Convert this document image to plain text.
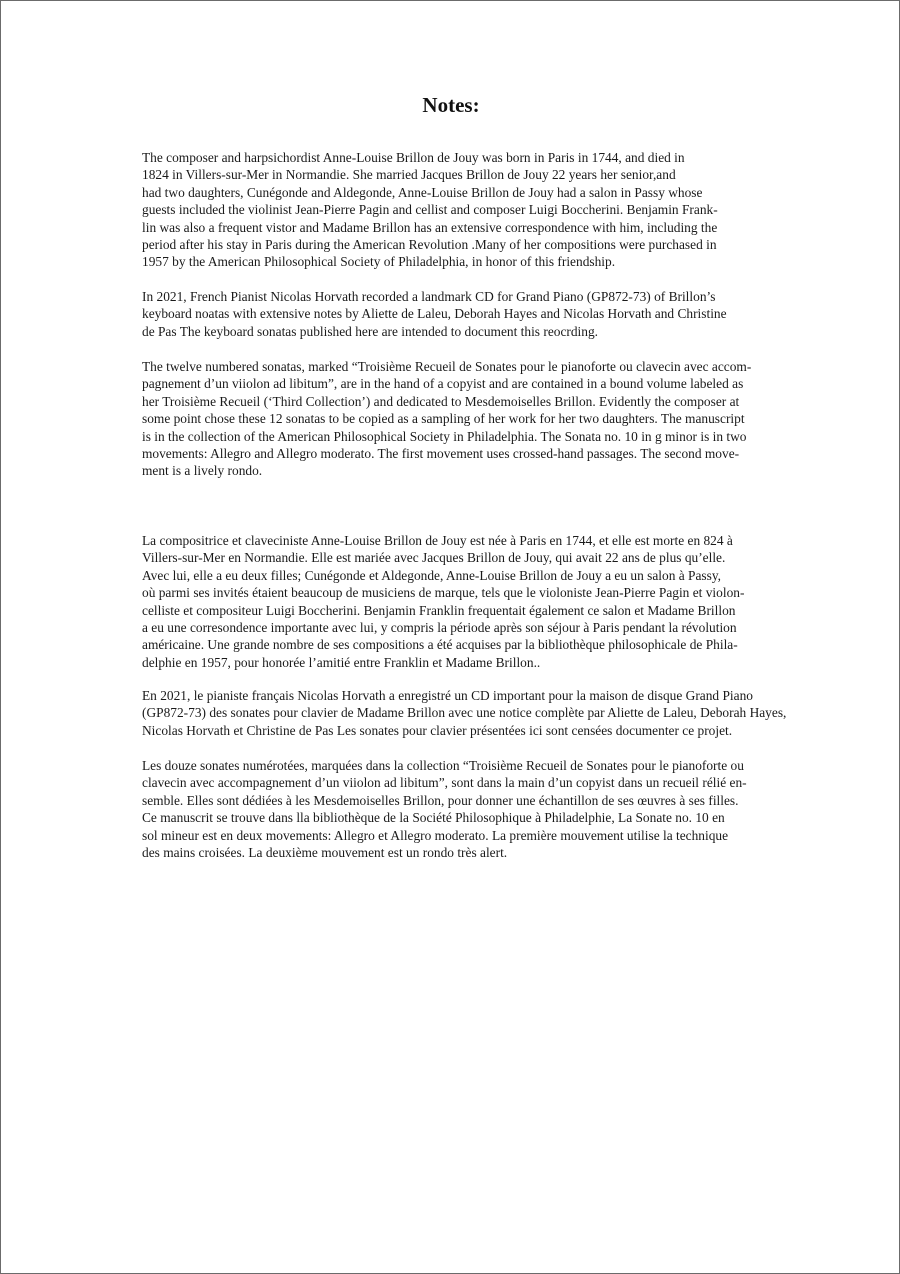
Notes:

The composer and harpsichordist Anne-Louise Brillon de Jouy was born in Paris in 1744, and died in
1824 in Villers-sur-Mer in Normandie. She married Jacques Brillon de Jouy 22 years her senior,and
had two daughters, Cunégonde and Aldegonde, Anne-Louise Brillon de Jouy had a salon in Passy whose
guests included the violinist Jean-Pierre Pagin and cellist and composer Luigi Boccherini. Benjamin Frank-
lin was also a frequent vistor and Madame Brillon has an extensive correspondence with him, including the
period after his stay in Paris during the American Revolution .Many of her compositions were purchased in
1957 by the American Philosophical Society of Philadelphia, in honor of this friendship.

In 2021, French Pianist Nicolas Horvath recorded a landmark CD for Grand Piano (GP872-73) of Brillon’s
keyboard noatas with extensive notes by Aliette de Laleu, Deborah Hayes and Nicolas Horvath and Christine
de Pas The keyboard sonatas published here are intended to document this reocrding.

The twelve numbered sonatas, marked “Troisième Recueil de Sonates pour le pianoforte ou clavecin avec accom-
pagnement d’un viiolon ad libitum”, are in the hand of a copyist and are contained in a bound volume labeled as
her Troisième Recueil (‘Third Collection’) and dedicated to Mesdemoiselles Brillon. Evidently the composer at
some point chose these 12 sonatas to be copied as a sampling of her work for her two daughters. The manuscript
is in the collection of the American Philosophical Society in Philadelphia. The Sonata no. 10 in g minor is in two
movements: Allegro and Allegro moderato. The first movement uses crossed-hand passages. The second move-
ment is a lively rondo.

La compositrice et claveciniste Anne-Louise Brillon de Jouy est née à Paris en 1744, et elle est morte en 824 à
Villers-sur-Mer en Normandie. Elle est mariée avec Jacques Brillon de Jouy, qui avait 22 ans de plus qu’elle.
Avec lui, elle a eu deux filles; Cunégonde et Aldegonde, Anne-Louise Brillon de Jouy a eu un salon à Passy,
où parmi ses invités étaient beaucoup de musiciens de marque, tels que le violoniste Jean-Pierre Pagin et violon-
celliste et compositeur Luigi Boccherini. Benjamin Franklin frequentait également ce salon et Madame Brillon
a eu une corresondence importante avec lui, y compris la période après son séjour à Paris pendant la révolution
américaine. Une grande nombre de ses compositions a été acquises par la bibliothèque philosophicale de Phila-
delphie en 1957, pour honorée l’amitié entre Franklin et Madame Brillon..

En 2021, le pianiste français Nicolas Horvath a enregistré un CD important pour la maison de disque Grand Piano
(GP872-73) des sonates pour clavier de Madame Brillon avec une notice complète par Aliette de Laleu, Deborah Hayes,
Nicolas Horvath et Christine de Pas Les sonates pour clavier présentées ici sont censées documenter ce projet.

Les douze sonates numérotées, marquées dans la collection “Troisième Recueil de Sonates pour le pianoforte ou
clavecin avec accompagnement d’un viiolon ad libitum”, sont dans la main d’un copyist dans un recueil rélié en-
semble. Elles sont dédiées à les Mesdemoiselles Brillon, pour donner une échantillon de ses œuvres à ses filles.
Ce manuscrit se trouve dans lla bibliothèque de la Société Philosophique à Philadelphie, La Sonate no. 10 en
sol mineur est en deux movements: Allegro et Allegro moderato. La première mouvement utilise la technique
des mains croisées. La deuxième mouvement est un rondo très alert.
